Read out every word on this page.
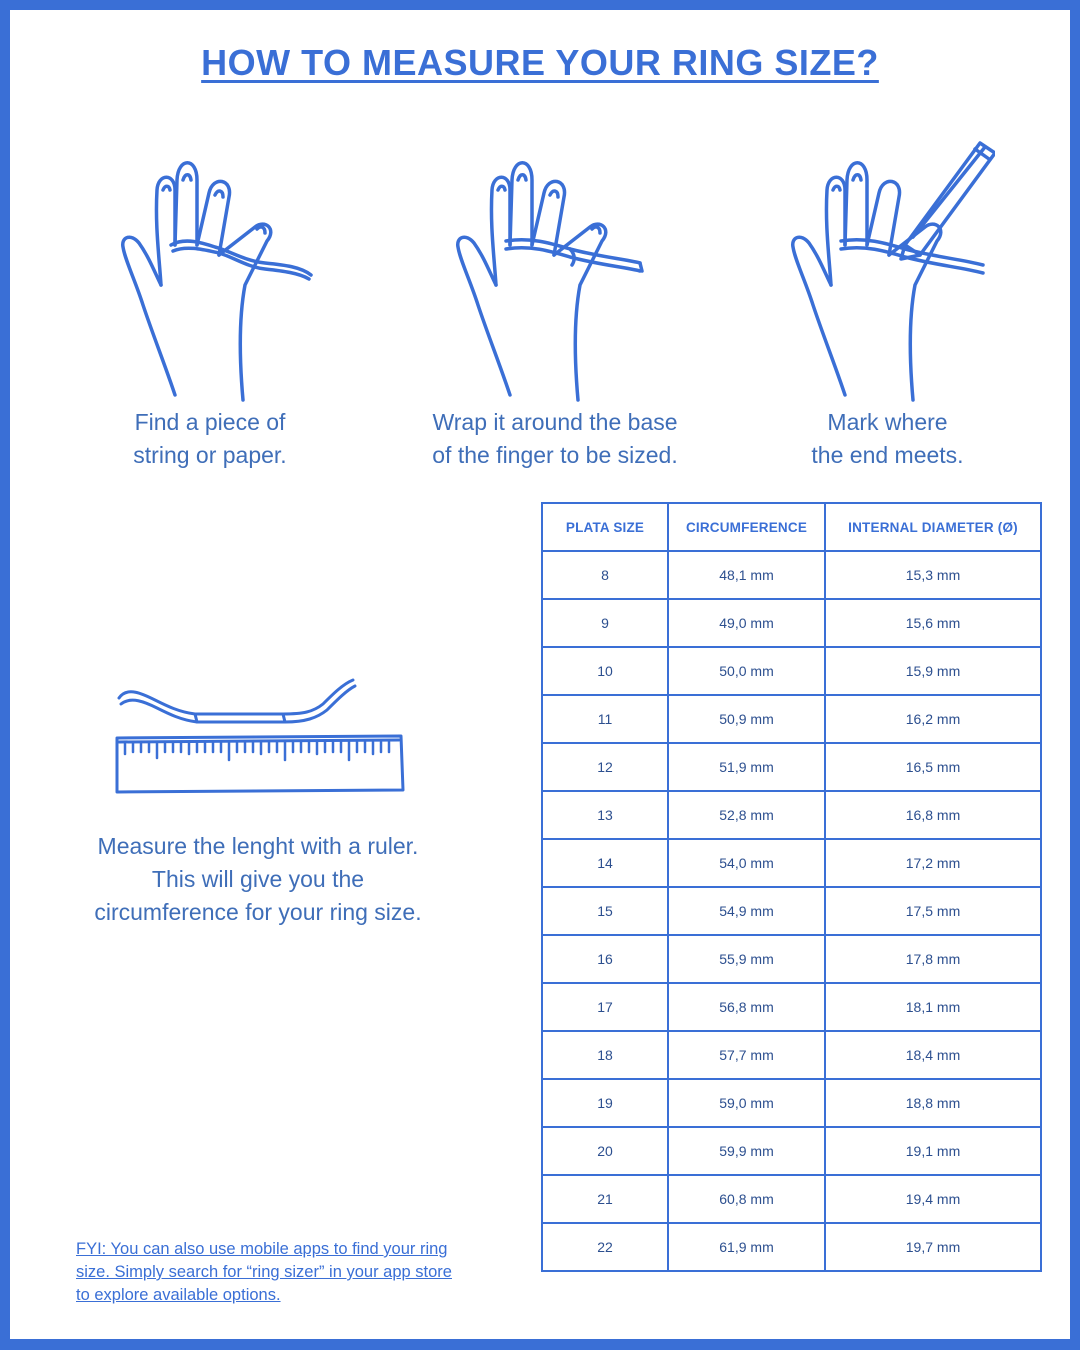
HOW TO MEASURE YOUR RING SIZE?

Find a piece of
string or paper.

Wrap it around the base
of the finger to be sized.

Mark where
the end meets.

Measure the lenght with a ruler.
This will give you the
circumference for your ring size.

FYI: You can also use mobile apps to find your ring size. Simply search for “ring sizer” in your app store to explore available options.

PLATA SIZE	CIRCUMFERENCE	INTERNAL DIAMETER (Ø)
8	48,1 mm	15,3 mm
9	49,0 mm	15,6 mm
10	50,0 mm	15,9 mm
11	50,9 mm	16,2 mm
12	51,9 mm	16,5 mm
13	52,8 mm	16,8 mm
14	54,0 mm	17,2 mm
15	54,9 mm	17,5 mm
16	55,9 mm	17,8 mm
17	56,8 mm	18,1 mm
18	57,7 mm	18,4 mm
19	59,0 mm	18,8 mm
20	59,9 mm	19,1 mm
21	60,8 mm	19,4 mm
22	61,9 mm	19,7 mm
